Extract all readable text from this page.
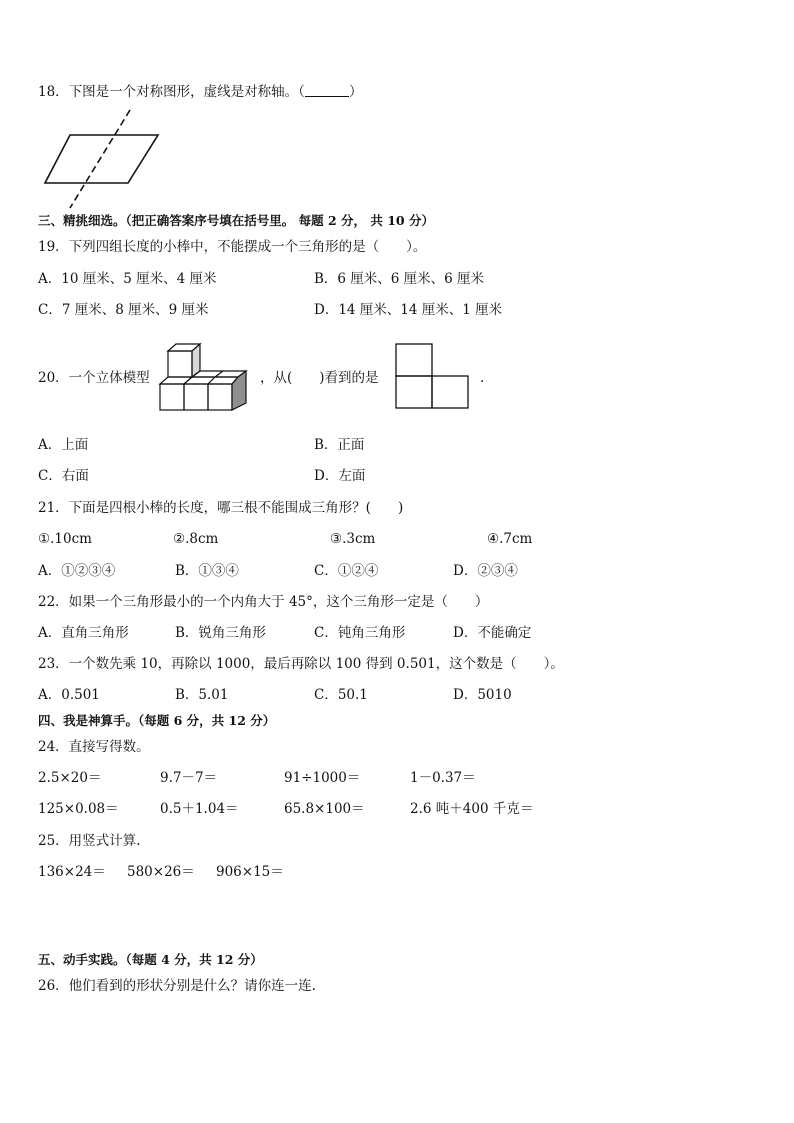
18．下图是一个对称图形，虚线是对称轴。（	）
三、精挑细选。（把正确答案序号填在括号里。 每题 2 分， 共 10 分）
19．下列四组长度的小棒中，不能摆成一个三角形的是（　　）。
A．10 厘米、5 厘米、4 厘米	B．6 厘米、6 厘米、6 厘米
C．7 厘米、8 厘米、9 厘米	D．14 厘米、14 厘米、1 厘米
20．一个立体模型	，从(　　)看到的是	.
A．上面	B．正面
C．右面	D．左面
21．下面是四根小棒的长度，哪三根不能围成三角形？(　　)
①.10cm	②.8cm	③.3cm	④.7cm
A．①②③④	B．①③④	C．①②④	D．②③④
22．如果一个三角形最小的一个内角大于 45°，这个三角形一定是（　　）
A．直角三角形	B．锐角三角形	C．钝角三角形	D．不能确定
23．一个数先乘 10，再除以 1000，最后再除以 100 得到 0.501，这个数是（　　）。
A．0.501	B．5.01	C．50.1	D．5010
四、我是神算手。（每题 6 分，共 12 分）
24．直接写得数。
2.5×20＝	9.7－7＝	91÷1000＝	1－0.37＝
125×0.08＝	0.5＋1.04＝	65.8×100＝	2.6 吨＋400 千克＝
25．用竖式计算.
136×24＝ 580×26＝ 906×15＝
五、动手实践。（每题 4 分，共 12 分）
26．他们看到的形状分别是什么？请你连一连.
